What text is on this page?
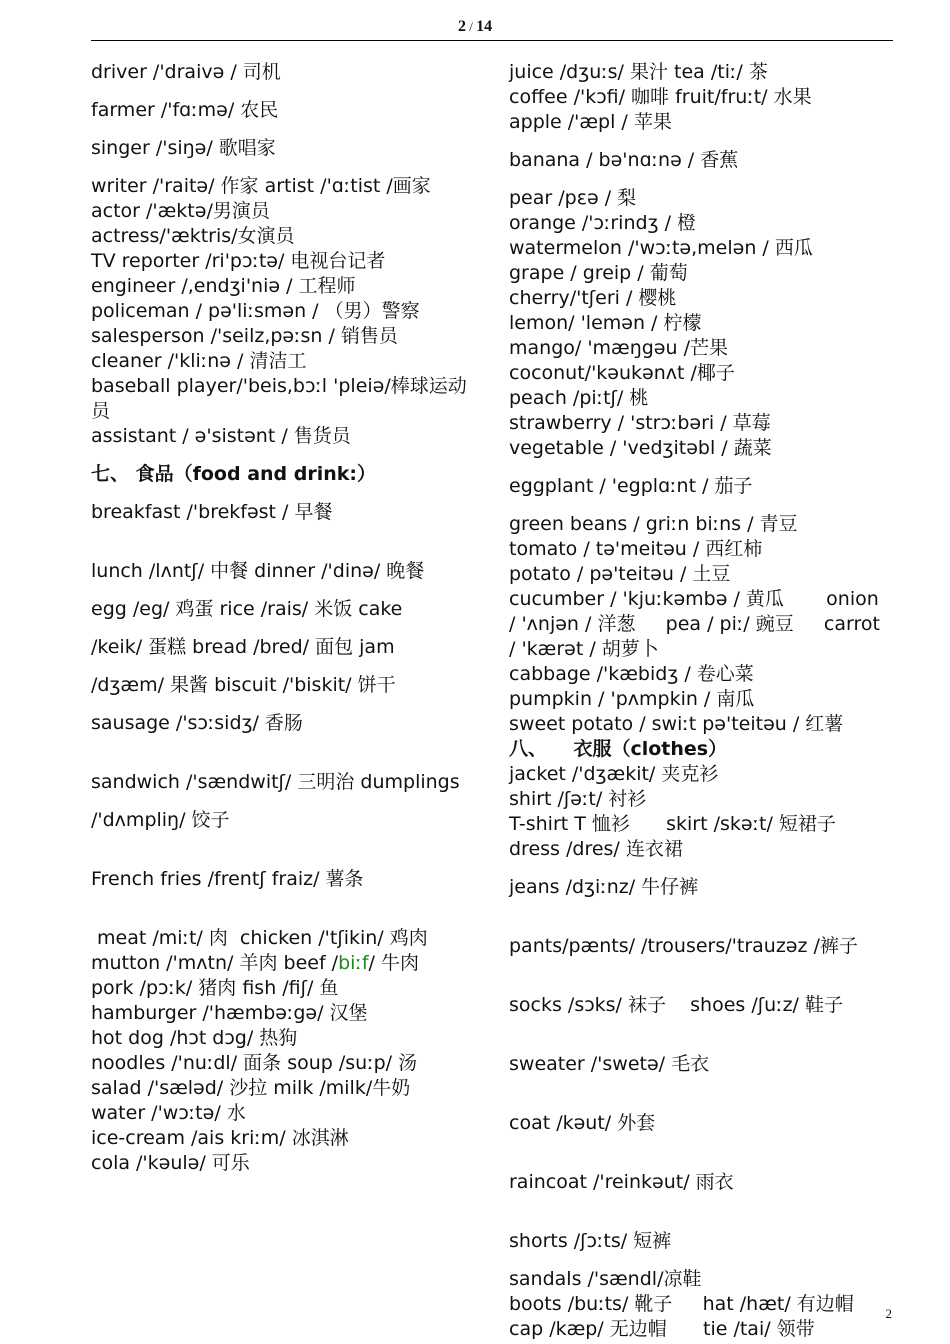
2 / 14
driver /'draivə / 司机
farmer /'fɑːmə/ 农民
singer /'siŋə/ 歌唱家
writer /'raitə/ 作家 artist /'ɑːtist /画家
actor /'æktə/男演员
actress/'æktris/女演员
TV reporter /ri'pɔːtə/ 电视台记者
engineer /,endʒi'niə / 工程师
policeman / pə'liːsmən / （男）警察
salesperson /'seilz,pəːsn / 销售员
cleaner /'kliːnə / 清洁工
baseball player/'beis,bɔːl 'pleiə/棒球运动员
assistant / ə'sistənt / 售货员
七、 食品（food and drink:）
breakfast /'brekfəst / 早餐
lunch /lʌntʃ/ 中餐 dinner /'dinə/ 晚餐
egg /eg/ 鸡蛋 rice /rais/ 米饭 cake
/keik/ 蛋糕 bread /bred/ 面包 jam
/dʒæm/ 果酱 biscuit /'biskit/ 饼干
sausage /'sɔːsidʒ/ 香肠
sandwich /'sændwitʃ/ 三明治 dumplings
/'dʌmpliŋ/ 饺子
French fries /frentʃ fraiz/ 薯条
meat /miːt/ 肉  chicken /'tʃikin/ 鸡肉
mutton /'mʌtn/ 羊肉 beef /biːf/ 牛肉
pork /pɔːk/ 猪肉 fish /fiʃ/ 鱼
hamburger /'hæmbəːgə/ 汉堡
hot dog /hɔt dɔg/ 热狗
noodles /'nuːdl/ 面条 soup /suːp/ 汤
salad /'sæləd/ 沙拉 milk /milk/牛奶
water /'wɔːtə/ 水
ice-cream /ais kriːm/ 冰淇淋
cola /'kəulə/ 可乐
juice /dʒuːs/ 果汁 tea /tiː/ 茶
coffee /'kɔfi/ 咖啡 fruit/fruːt/ 水果
apple /'æpl / 苹果
banana / bə'nɑːnə / 香蕉
pear /pεə / 梨
orange /'ɔːrindʒ / 橙
watermelon /'wɔːtə,melən / 西瓜
grape / greip / 葡萄
cherry/'tʃeri / 樱桃
lemon/ 'lemən / 柠檬
mango/ 'mæŋgəu /芒果
coconut/'kəukənʌt /椰子
peach /piːtʃ/ 桃
strawberry / 'strɔːbəri / 草莓
vegetable / 'vedʒitəbl / 蔬菜
eggplant / 'egplɑːnt / 茄子
green beans / griːn biːns / 青豆
tomato / tə'meitəu / 西红柿
potato / pə'teitəu / 土豆
cucumber / 'kjuːkəmbə / 黄瓜       onion
/ 'ʌnjən / 洋葱     pea / piː/ 豌豆     carrot
/ 'kærət / 胡萝卜
cabbage /'kæbidʒ / 卷心菜
pumpkin / 'pʌmpkin / 南瓜
sweet potato / swiːt pə'teitəu / 红薯
八、    衣服（clothes）
jacket /'dʒækit/ 夹克衫
shirt /ʃəːt/ 衬衫
T-shirt T 恤衫      skirt /skəːt/ 短裙子
dress /dres/ 连衣裙
jeans /dʒiːnz/ 牛仔裤
pants/pænts/ /trousers/'trauzəz /裤子
socks /sɔks/ 袜子    shoes /ʃuːz/ 鞋子
sweater /'swetə/ 毛衣
coat /kəut/ 外套
raincoat /'reinkəut/ 雨衣
shorts /ʃɔːts/ 短裤
sandals /'sændl/凉鞋
boots /buːts/ 靴子     hat /hæt/ 有边帽
cap /kæp/ 无边帽      tie /tai/ 领带
2
